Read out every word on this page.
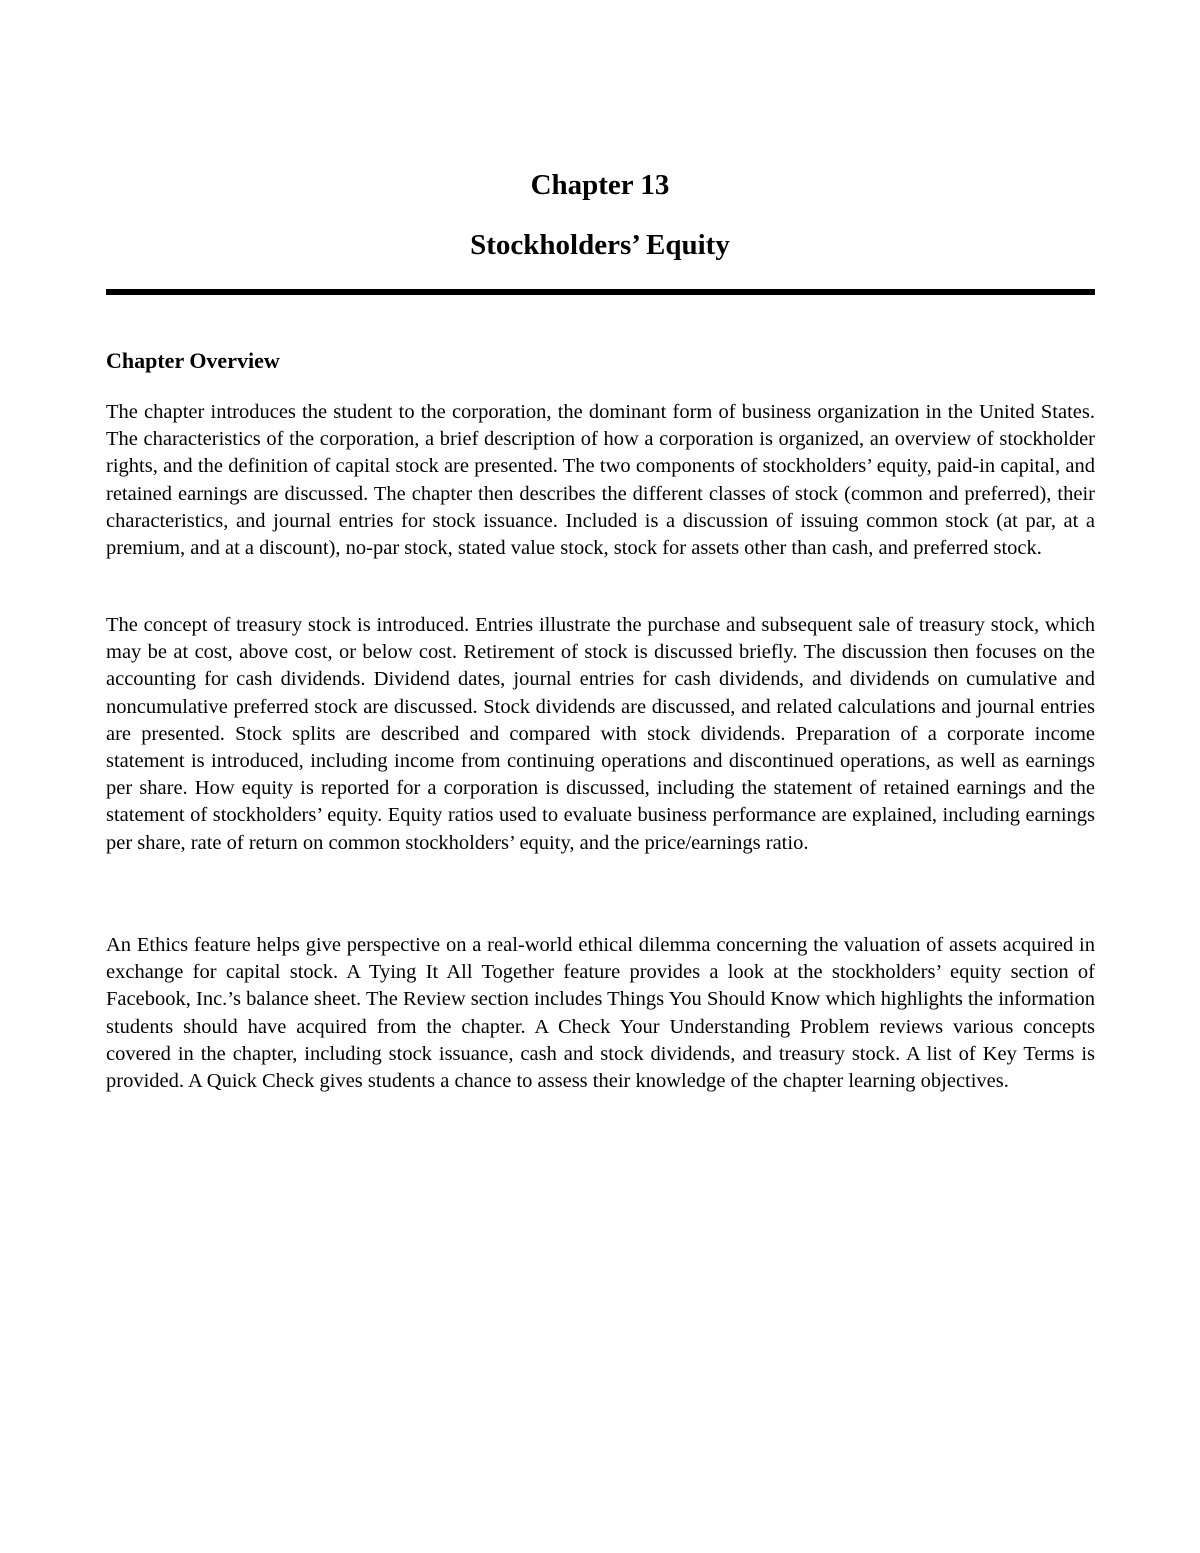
Chapter 13
Stockholders’ Equity
Chapter Overview

The chapter introduces the student to the corporation, the dominant form of business organization in the United States. The characteristics of the corporation, a brief description of how a corporation is organized, an overview of stockholder rights, and the definition of capital stock are presented. The two components of stockholders’ equity, paid-in capital, and retained earnings are discussed. The chapter then describes the different classes of stock (common and preferred), their characteristics, and journal entries for stock issuance. Included is a discussion of issuing common stock (at par, at a premium, and at a discount), no-par stock, stated value stock, stock for assets other than cash, and preferred stock.

The concept of treasury stock is introduced. Entries illustrate the purchase and subsequent sale of treasury stock, which may be at cost, above cost, or below cost. Retirement of stock is discussed briefly. The discussion then focuses on the accounting for cash dividends. Dividend dates, journal entries for cash dividends, and dividends on cumulative and noncumulative preferred stock are discussed. Stock dividends are discussed, and related calculations and journal entries are presented. Stock splits are described and compared with stock dividends. Preparation of a corporate income statement is introduced, including income from continuing operations and discontinued operations, as well as earnings per share. How equity is reported for a corporation is discussed, including the statement of retained earnings and the statement of stockholders’ equity. Equity ratios used to evaluate business performance are explained, including earnings per share, rate of return on common stockholders’ equity, and the price/earnings ratio.

An Ethics feature helps give perspective on a real-world ethical dilemma concerning the valuation of assets acquired in exchange for capital stock. A Tying It All Together feature provides a look at the stockholders’ equity section of Facebook, Inc.’s balance sheet. The Review section includes Things You Should Know which highlights the information students should have acquired from the chapter. A Check Your Understanding Problem reviews various concepts covered in the chapter, including stock issuance, cash and stock dividends, and treasury stock. A list of Key Terms is provided. A Quick Check gives students a chance to assess their knowledge of the chapter learning objectives.
